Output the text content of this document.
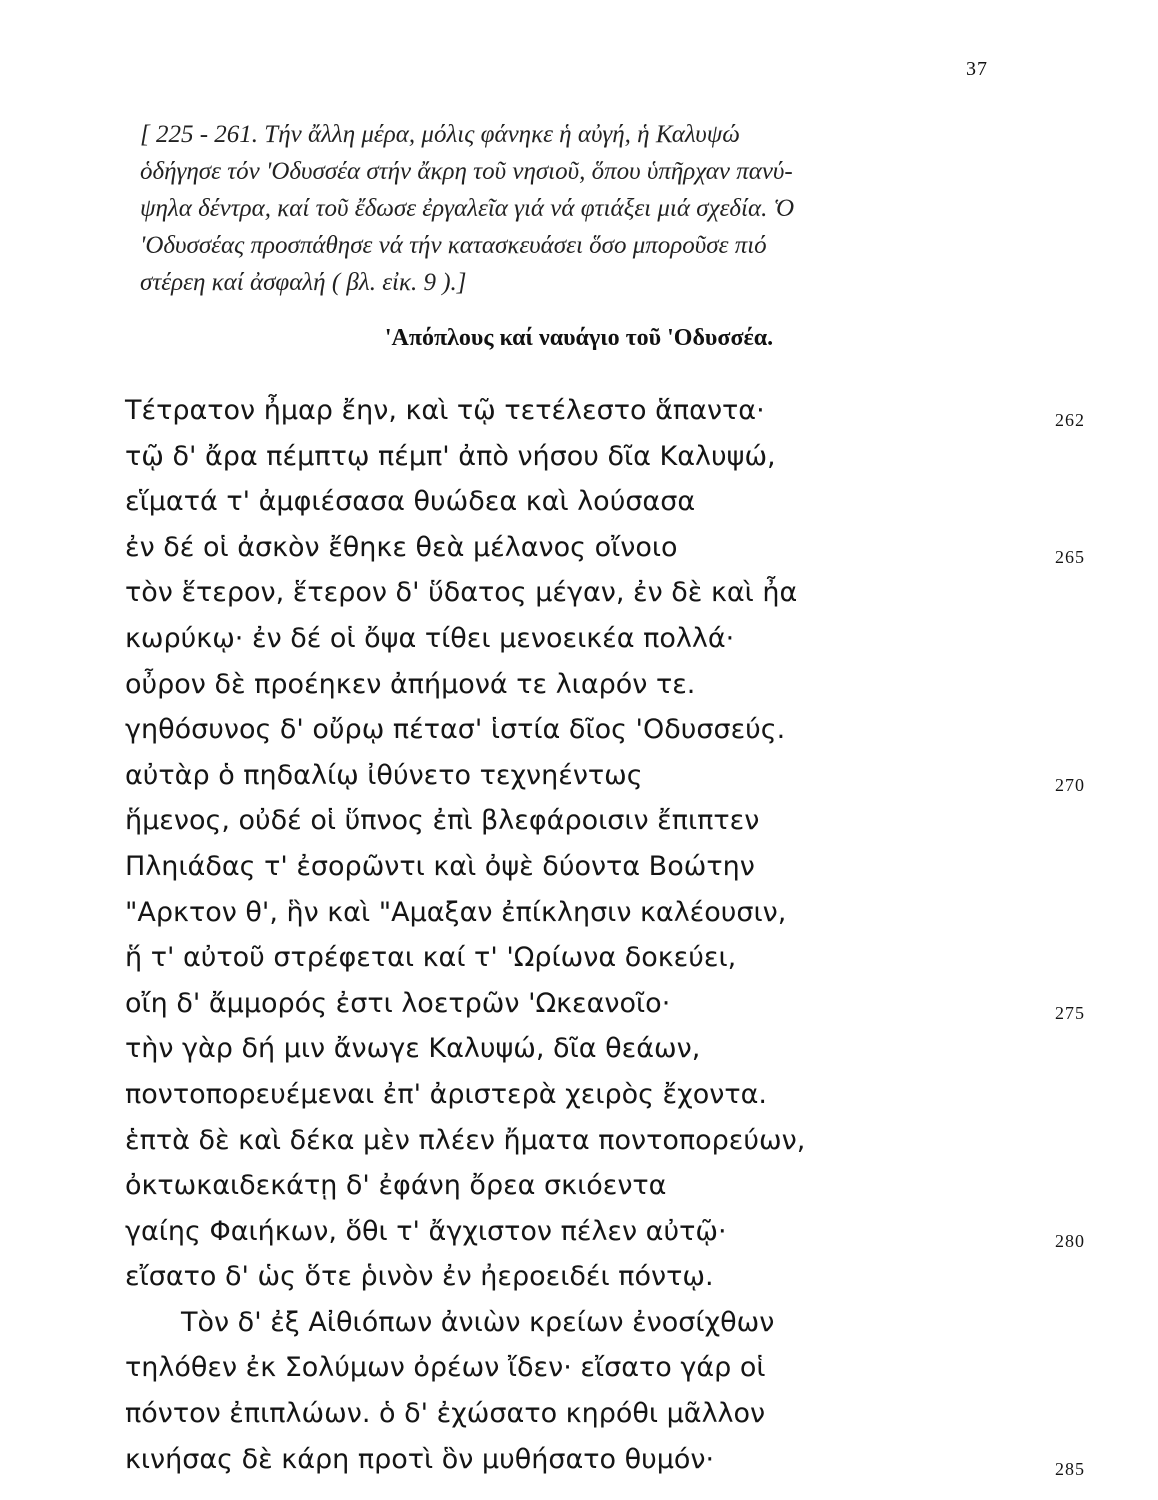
37
[ 225 - 261. Τήν ἄλλη μέρα, μόλις φάνηκε ἡ αὐγή, ἡ Καλυψώ
ὁδήγησε τόν 'Οδυσσέα στήν ἄκρη τοῦ νησιοῦ, ὅπου ὑπῆρχαν πανύ-
ψηλα δέντρα, καί τοῦ ἔδωσε ἐργαλεῖα γιά νά φτιάξει μιά σχεδία. Ὁ
'Οδυσσέας προσπάθησε νά τήν κατασκευάσει ὅσο μποροῦσε πιό
στέρεη καί ἀσφαλή ( βλ. εἰκ. 9 ).]
'Απόπλους καί ναυάγιο τοῦ 'Οδυσσέα.
Τέτρατον ἦμαρ ἔην, καὶ τῷ τετέλεστο ἅπαντα·	262
τῷ δ' ἄρα πέμπτῳ πέμπ' ἀπὸ νήσου δῖα Καλυψώ,
εἵματά τ' ἀμφιέσασα θυώδεα καὶ λούσασα
ἐν δέ οἱ ἀσκὸν ἔθηκε θεὰ μέλανος οἴνοιο	265
τὸν ἕτερον, ἕτερον δ' ὕδατος μέγαν, ἐν δὲ καὶ ἦα
κωρύκῳ· ἐν δέ οἱ ὄψα τίθει μενοεικέα πολλά·
οὖρον δὲ προέηκεν ἀπήμονά τε λιαρόν τε.
γηθόσυνος δ' οὔρῳ πέτασ' ἱστία δῖος 'Οδυσσεύς.
αὐτὰρ ὁ πηδαλίῳ ἰθύνετο τεχνηέντως	270
ἥμενος, οὐδέ οἱ ὕπνος ἐπὶ βλεφάροισιν ἔπιπτεν
Πληιάδας τ' ἐσορῶντι καὶ ὀψὲ δύοντα Βοώτην
"Αρκτον θ', ἣν καὶ "Αμαξαν ἐπίκλησιν καλέουσιν,
ἥ τ' αὐτοῦ στρέφεται καί τ' 'Ωρίωνα δοκεύει,
οἴη δ' ἄμμορός ἐστι λοετρῶν 'Ωκεανοῖο·	275
τὴν γὰρ δή μιν ἄνωγε Καλυψώ, δῖα θεάων,
ποντοπορευέμεναι ἐπ' ἀριστερὰ χειρὸς ἔχοντα.
ἑπτὰ δὲ καὶ δέκα μὲν πλέεν ἤματα ποντοπορεύων,
ὀκτωκαιδεκάτῃ δ' ἐφάνη ὄρεα σκιόεντα
γαίης Φαιήκων, ὅθι τ' ἄγχιστον πέλεν αὐτῷ·	280
εἴσατο δ' ὡς ὅτε ῥινὸν ἐν ἠεροειδέι πόντῳ.
Τὸν δ' ἐξ Αἰθιόπων ἀνιὼν κρείων ἐνοσίχθων
τηλόθεν ἐκ Σολύμων ὀρέων ἴδεν· εἴσατο γάρ οἱ
πόντον ἐπιπλώων. ὁ δ' ἐχώσατο κηρόθι μᾶλλον
κινήσας δὲ κάρη προτὶ ὃν μυθήσατο θυμόν·	285
